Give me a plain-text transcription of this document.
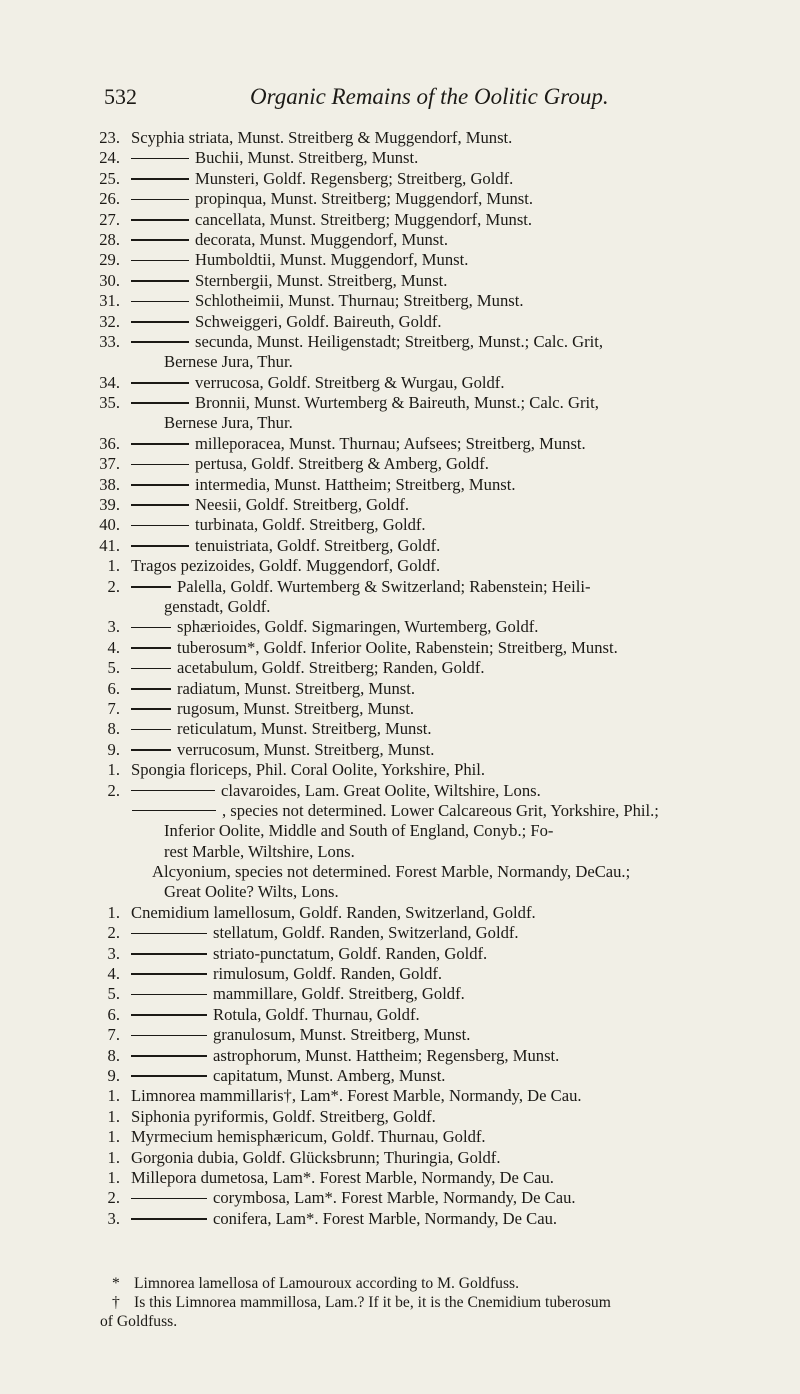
532	Organic Remains of the Oolitic Group.
23. Scyphia striata, Munst. Streitberg & Muggendorf, Munst.
24.	Buchii, Munst. Streitberg, Munst.
25.	Munsteri, Goldf. Regensberg; Streitberg, Goldf.
26.	propinqua, Munst. Streitberg; Muggendorf, Munst.
27.	cancellata, Munst. Streitberg; Muggendorf, Munst.
28.	decorata, Munst. Muggendorf, Munst.
29.	Humboldtii, Munst. Muggendorf, Munst.
30.	Sternbergii, Munst. Streitberg, Munst.
31.	Schlotheimii, Munst. Thurnau; Streitberg, Munst.
32.	Schweiggeri, Goldf. Baireuth, Goldf.
33.	secunda, Munst. Heiligenstadt; Streitberg, Munst.; Calc. Grit,
Bernese Jura, Thur.
34.	verrucosa, Goldf. Streitberg & Wurgau, Goldf.
35.	Bronnii, Munst. Wurtemberg & Baireuth, Munst.; Calc. Grit,
Bernese Jura, Thur.
36.	milleporacea, Munst. Thurnau; Aufsees; Streitberg, Munst.
37.	pertusa, Goldf. Streitberg & Amberg, Goldf.
38.	intermedia, Munst. Hattheim; Streitberg, Munst.
39.	Neesii, Goldf. Streitberg, Goldf.
40.	turbinata, Goldf. Streitberg, Goldf.
41.	tenuistriata, Goldf. Streitberg, Goldf.
1. Tragos pezizoides, Goldf. Muggendorf, Goldf.
2.	Palella, Goldf. Wurtemberg & Switzerland; Rabenstein; Heili-
genstadt, Goldf.
3.	sphærioides, Goldf. Sigmaringen, Wurtemberg, Goldf.
4.	tuberosum*, Goldf. Inferior Oolite, Rabenstein; Streitberg, Munst.
5.	acetabulum, Goldf. Streitberg; Randen, Goldf.
6.	radiatum, Munst. Streitberg, Munst.
7.	rugosum, Munst. Streitberg, Munst.
8.	reticulatum, Munst. Streitberg, Munst.
9.	verrucosum, Munst. Streitberg, Munst.
1. Spongia floriceps, Phil. Coral Oolite, Yorkshire, Phil.
2.	clavaroides, Lam. Great Oolite, Wiltshire, Lons.
, species not determined. Lower Calcareous Grit, Yorkshire, Phil.;
Inferior Oolite, Middle and South of England, Conyb.; Fo-
rest Marble, Wiltshire, Lons.
Alcyonium, species not determined. Forest Marble, Normandy, DeCau.;
Great Oolite? Wilts, Lons.
1. Cnemidium lamellosum, Goldf. Randen, Switzerland, Goldf.
2.	stellatum, Goldf. Randen, Switzerland, Goldf.
3.	striato-punctatum, Goldf. Randen, Goldf.
4.	rimulosum, Goldf. Randen, Goldf.
5.	mammillare, Goldf. Streitberg, Goldf.
6.	Rotula, Goldf. Thurnau, Goldf.
7.	granulosum, Munst. Streitberg, Munst.
8.	astrophorum, Munst. Hattheim; Regensberg, Munst.
9.	capitatum, Munst. Amberg, Munst.
1. Limnorea mammillaris†, Lam*. Forest Marble, Normandy, De Cau.
1. Siphonia pyriformis, Goldf. Streitberg, Goldf.
1. Myrmecium hemisphæricum, Goldf. Thurnau, Goldf.
1. Gorgonia dubia, Goldf. Glücksbrunn; Thuringia, Goldf.
1. Millepora dumetosa, Lam*. Forest Marble, Normandy, De Cau.
2.	corymbosa, Lam*. Forest Marble, Normandy, De Cau.
3.	conifera, Lam*. Forest Marble, Normandy, De Cau.
* Limnorea lamellosa of Lamouroux according to M. Goldfuss.
† Is this Limnorea mammillosa, Lam.? If it be, it is the Cnemidium tuberosum
of Goldfuss.
